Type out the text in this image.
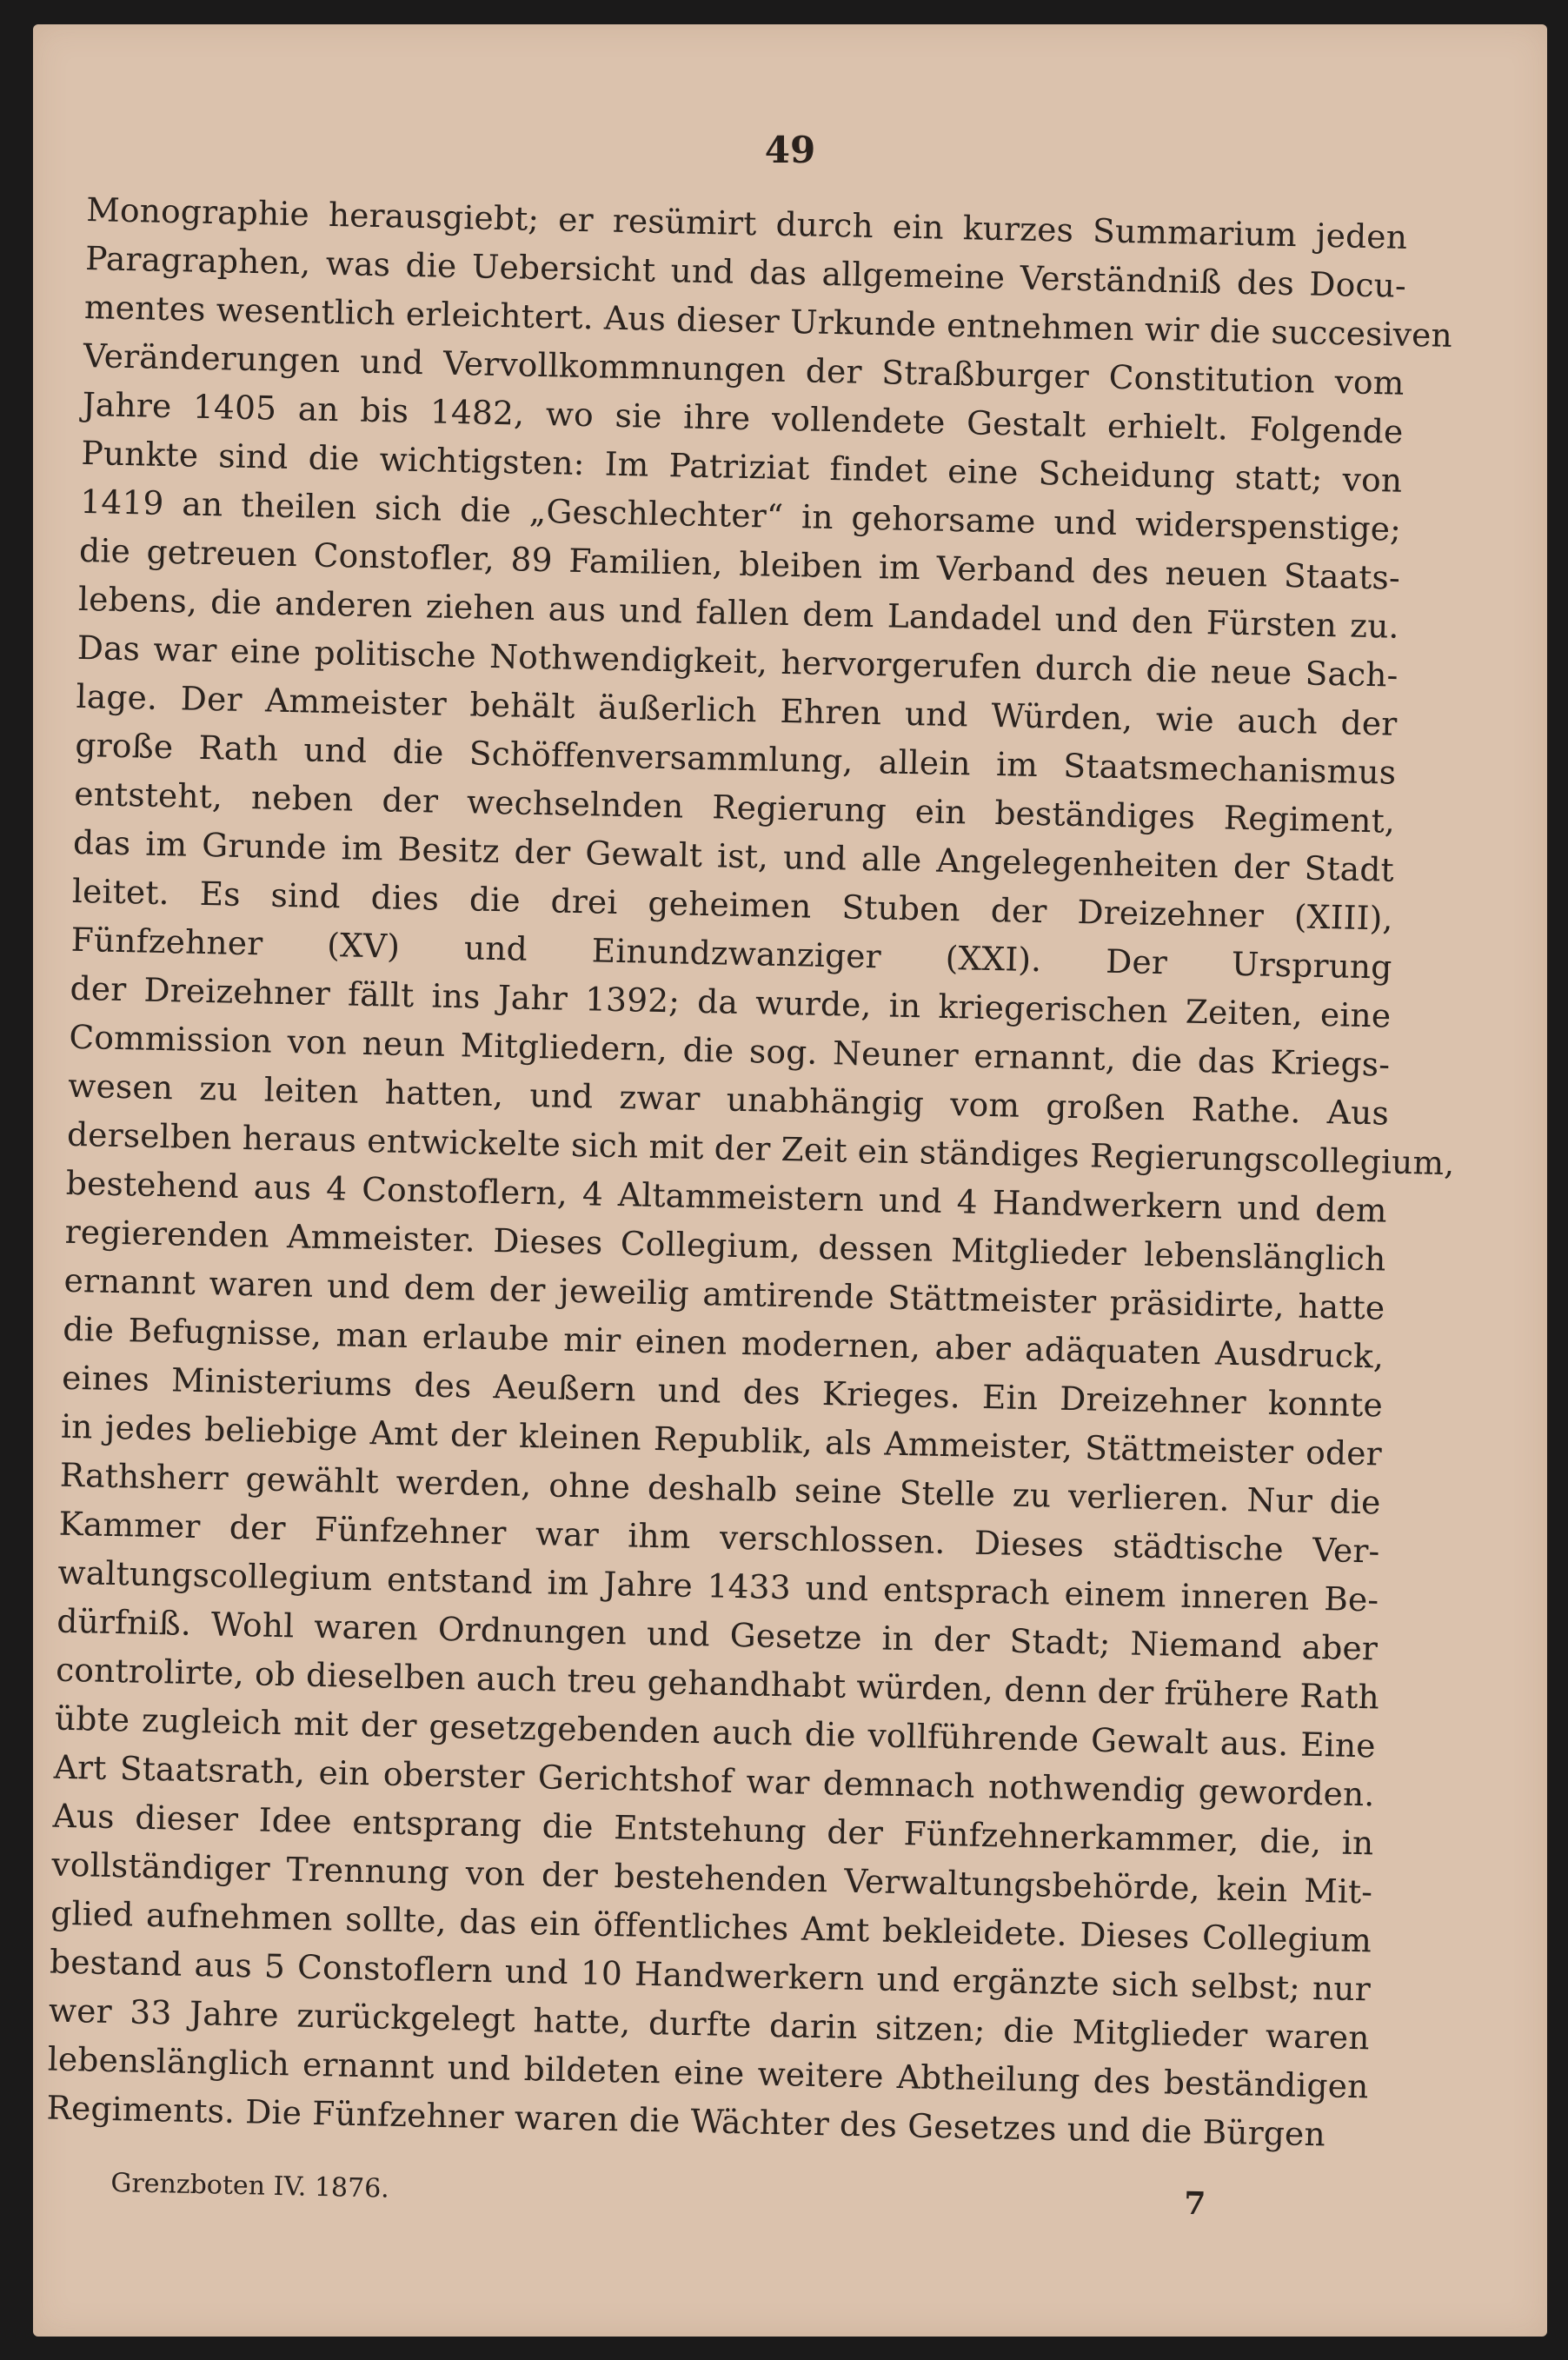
49
Monographie herausgiebt; er resümirt durch ein kurzes Summarium jeden
Paragraphen, was die Uebersicht und das allgemeine Verständniß des Docu-
mentes wesentlich erleichtert. Aus dieser Urkunde entnehmen wir die succesiven
Veränderungen und Vervollkommnungen der Straßburger Constitution vom
Jahre 1405 an bis 1482, wo sie ihre vollendete Gestalt erhielt. Folgende
Punkte sind die wichtigsten: Im Patriziat findet eine Scheidung statt; von
1419 an theilen sich die „Geschlechter“ in gehorsame und widerspenstige;
die getreuen Constofler, 89 Familien, bleiben im Verband des neuen Staats-
lebens, die anderen ziehen aus und fallen dem Landadel und den Fürsten zu.
Das war eine politische Nothwendigkeit, hervorgerufen durch die neue Sach-
lage. Der Ammeister behält äußerlich Ehren und Würden, wie auch der
große Rath und die Schöffenversammlung, allein im Staatsmechanismus
entsteht, neben der wechselnden Regierung ein beständiges Regiment,
das im Grunde im Besitz der Gewalt ist, und alle Angelegenheiten der Stadt
leitet. Es sind dies die drei geheimen Stuben der Dreizehner (XIII),
Fünfzehner (XV) und Einundzwanziger (XXI). Der Ursprung
der Dreizehner fällt ins Jahr 1392; da wurde, in kriegerischen Zeiten, eine
Commission von neun Mitgliedern, die sog. Neuner ernannt, die das Kriegs-
wesen zu leiten hatten, und zwar unabhängig vom großen Rathe. Aus
derselben heraus entwickelte sich mit der Zeit ein ständiges Regierungscollegium,
bestehend aus 4 Constoflern, 4 Altammeistern und 4 Handwerkern und dem
regierenden Ammeister. Dieses Collegium, dessen Mitglieder lebenslänglich
ernannt waren und dem der jeweilig amtirende Stättmeister präsidirte, hatte
die Befugnisse, man erlaube mir einen modernen, aber adäquaten Ausdruck,
eines Ministeriums des Aeußern und des Krieges. Ein Dreizehner konnte
in jedes beliebige Amt der kleinen Republik, als Ammeister, Stättmeister oder
Rathsherr gewählt werden, ohne deshalb seine Stelle zu verlieren. Nur die
Kammer der Fünfzehner war ihm verschlossen. Dieses städtische Ver-
waltungscollegium entstand im Jahre 1433 und entsprach einem inneren Be-
dürfniß. Wohl waren Ordnungen und Gesetze in der Stadt; Niemand aber
controlirte, ob dieselben auch treu gehandhabt würden, denn der frühere Rath
übte zugleich mit der gesetzgebenden auch die vollführende Gewalt aus. Eine
Art Staatsrath, ein oberster Gerichtshof war demnach nothwendig geworden.
Aus dieser Idee entsprang die Entstehung der Fünfzehnerkammer, die, in
vollständiger Trennung von der bestehenden Verwaltungsbehörde, kein Mit-
glied aufnehmen sollte, das ein öffentliches Amt bekleidete. Dieses Collegium
bestand aus 5 Constoflern und 10 Handwerkern und ergänzte sich selbst; nur
wer 33 Jahre zurückgelegt hatte, durfte darin sitzen; die Mitglieder waren
lebenslänglich ernannt und bildeten eine weitere Abtheilung des beständigen
Regiments. Die Fünfzehner waren die Wächter des Gesetzes und die Bürgen
Grenzboten IV. 1876.	7
